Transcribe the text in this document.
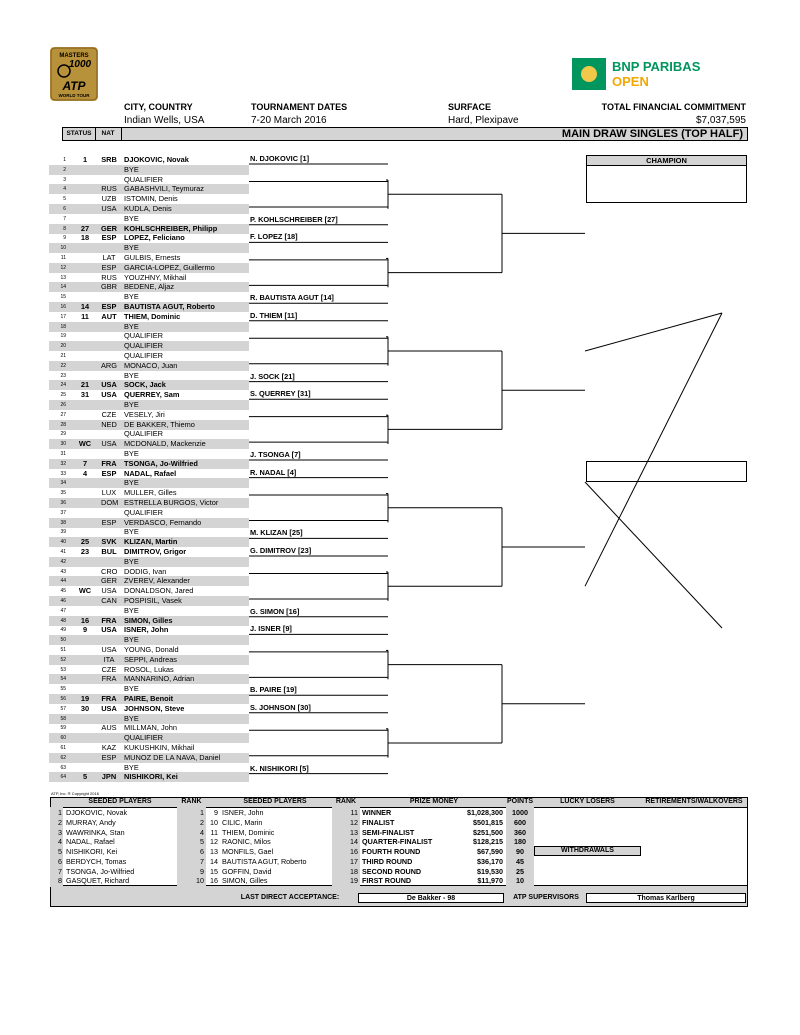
MASTERS
1000
ATP
WORLD TOUR
BNP PARIBAS
OPEN
CITY, COUNTRY
Indian Wells, USA
TOURNAMENT DATES
7-20 March 2016
SURFACE
Hard, Plexipave
TOTAL FINANCIAL COMMITMENT
$7,037,595
STATUS	NAT	MAIN DRAW SINGLES (TOP HALF)
1	1	SRB DJOKOVIC, Novak
2	BYE
3	QUALIFIER
4	RUS GABASHVILI, Teymuraz
5	UZB ISTOMIN, Denis
6	USA KUDLA, Denis
7	BYE
8	27	GER KOHLSCHREIBER, Philipp
9	18	ESP LOPEZ, Feliciano
10	BYE
11	LAT GULBIS, Ernests
12	ESP GARCIA-LOPEZ, Guillermo
13	RUS YOUZHNY, Mikhail
14	GBR BEDENE, Aljaz
15	BYE
16	14	ESP BAUTISTA AGUT, Roberto
17	11	AUT THIEM, Dominic
18	BYE
19	QUALIFIER
20	QUALIFIER
21	QUALIFIER
22	ARG MONACO, Juan
23	BYE
24	21	USA SOCK, Jack
25	31	USA QUERREY, Sam
26	BYE
27	CZE VESELY, Jiri
28	NED DE BAKKER, Thiemo
29	QUALIFIER
30	WC	USA MCDONALD, Mackenzie
31	BYE
32	7	FRA TSONGA, Jo-Wilfried
33	4	ESP NADAL, Rafael
34	BYE
35	LUX MULLER, Gilles
36	DOM ESTRELLA BURGOS, Victor
37	QUALIFIER
38	ESP VERDASCO, Fernando
39	BYE
40	25	SVK KLIZAN, Martin
41	23	BUL DIMITROV, Grigor
42	BYE
43	CRO DODIG, Ivan
44	GER ZVEREV, Alexander
45	WC	USA DONALDSON, Jared
46	CAN POSPISIL, Vasek
47	BYE
48	16	FRA SIMON, Gilles
49	9	USA ISNER, John
50	BYE
51	USA YOUNG, Donald
52	ITA	SEPPI, Andreas
53	CZE ROSOL, Lukas
54	FRA MANNARINO, Adrian
55	BYE
56	19	FRA PAIRE, Benoit
57	30	USA JOHNSON, Steve
58	BYE
59	AUS MILLMAN, John
60	QUALIFIER
61	KAZ KUKUSHKIN, Mikhail
62	ESP MUNOZ DE LA NAVA, Daniel
63	BYE
64	5	JPN NISHIKORI, Kei
N. DJOKOVIC [1]
P. KOHLSCHREIBER [27]
F. LOPEZ [18]
R. BAUTISTA AGUT [14]
D. THIEM [11]
J. SOCK [21]
S. QUERREY [31]
J. TSONGA [7]
R. NADAL [4]
M. KLIZAN [25]
G. DIMITROV [23]
G. SIMON [16]
J. ISNER [9]
B. PAIRE [19]
S. JOHNSON [30]
K. NISHIKORI [5]
CHAMPION
ATP, Inc. ® Copyright 2016
SEEDED PLAYERS	RANK	SEEDED PLAYERS	RANK	PRIZE MONEY	POINTS	LUCKY LOSERS	RETIREMENTS/WALKOVERS
WITHDRAWALS
1 DJOKOVIC, Novak	1
2 MURRAY, Andy	2
3 WAWRINKA, Stan	4
4 NADAL, Rafael	5
5 NISHIKORI, Kei	6
6 BERDYCH, Tomas	7
7 TSONGA, Jo-Wilfried	9
8 GASQUET, Richard	10
9 ISNER, John	11
10 CILIC, Marin	12
11 THIEM, Dominic	13
12 RAONIC, Milos	14
13 MONFILS, Gael	16
14 BAUTISTA AGUT, Roberto	17
15 GOFFIN, David	18
16 SIMON, Gilles	19
WINNER	$1,028,300	1000
FINALIST	$501,815	600
SEMI-FINALIST	$251,500	360
QUARTER-FINALIST	$128,215	180
FOURTH ROUND	$67,590	90
THIRD ROUND	$36,170	45
SECOND ROUND	$19,530	25
FIRST ROUND	$11,970	10
LAST DIRECT ACCEPTANCE:	De Bakker - 98	ATP SUPERVISORS	Thomas Karlberg
